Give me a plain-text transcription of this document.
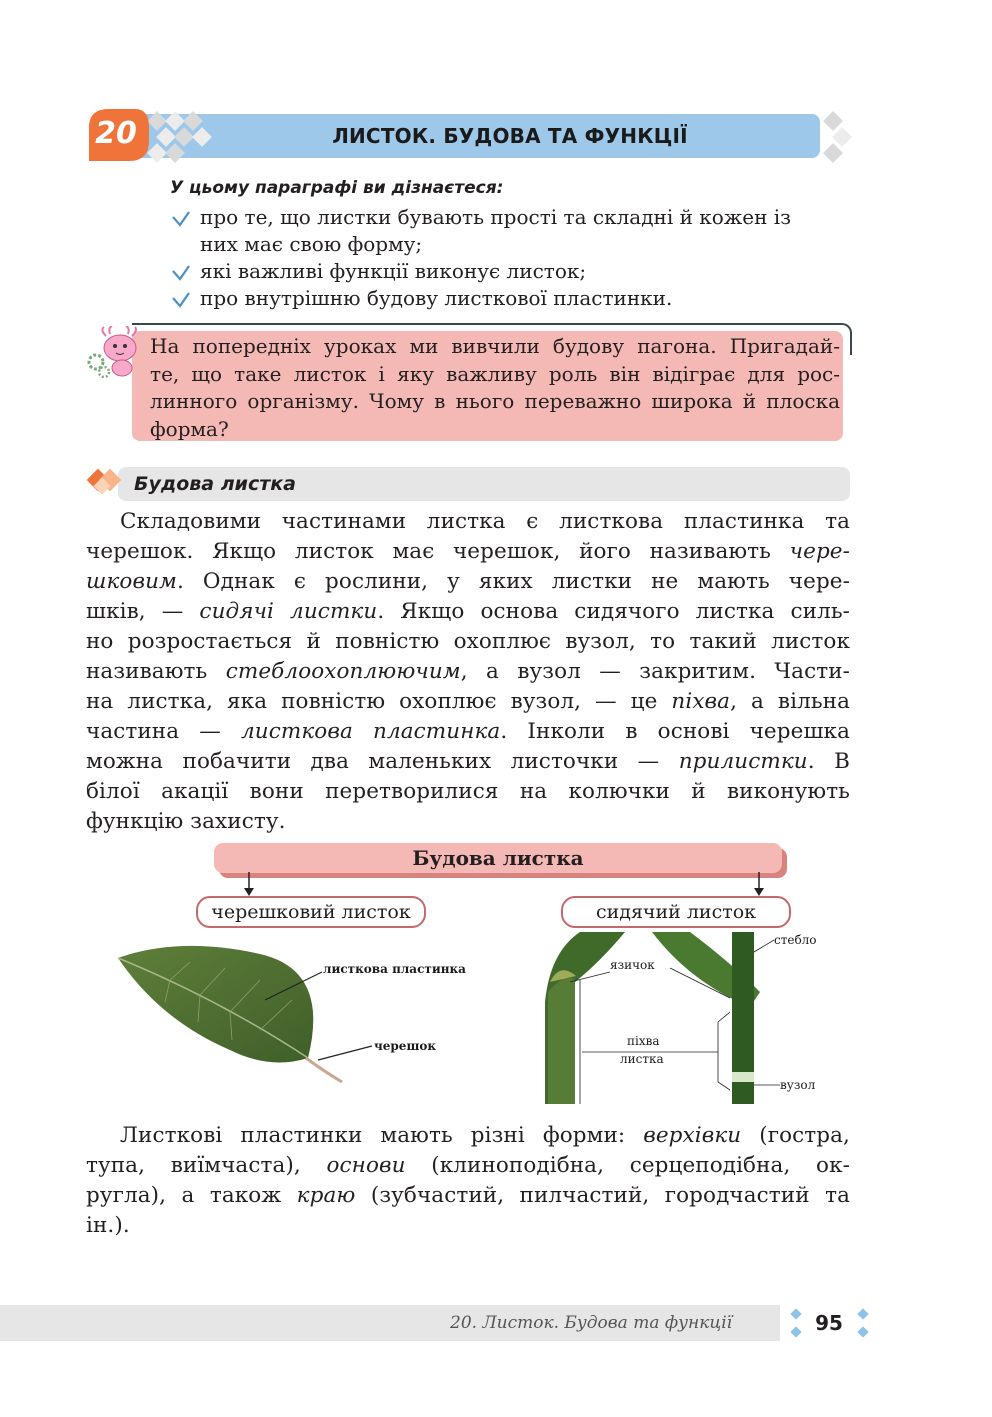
20	ЛИСТОК. БУДОВА ТА ФУНКЦІЇ
У цьому параграфі ви дізнаєтеся:
про те, що листки бувають прості та складні й кожен із
них має свою форму;
які важливі функції виконує листок;
про внутрішню будову листкової пластинки.
На попередніх уроках ми вивчили будову пагона. Пригадай-
те, що таке листок і яку важливу роль він відіграє для рос-
линного організму. Чому в нього переважно широка й плоска
форма?
Будова листка
Складовими частинами листка є листкова пластинка та
черешок. Якщо листок має черешок, його називають чере-
шковим. Однак є рослини, у яких листки не мають чере-
шків, — сидячі листки. Якщо основа сидячого листка силь-
но розростається й повністю охоплює вузол, то такий листок
називають стеблоохоплюючим, а вузол — закритим. Части-
на листка, яка повністю охоплює вузол, — це піхва, а вільна
частина — листкова пластинка. Інколи в основі черешка
можна побачити два маленьких листочки — прилистки. В
білої акації вони перетворилися на колючки й виконують
функцію захисту.
Будова листка
черешковий листок	сидячий листок
листкова пластинка
черешок
стебло
язичок
піхва
листка
вузол
Листкові пластинки мають різні форми: верхівки (гостра,
тупа, виїмчаста), основи (клиноподібна, серцеподібна, ок-
ругла), а також краю (зубчастий, пилчастий, городчастий та
ін.).
20. Листок. Будова та функції	95
